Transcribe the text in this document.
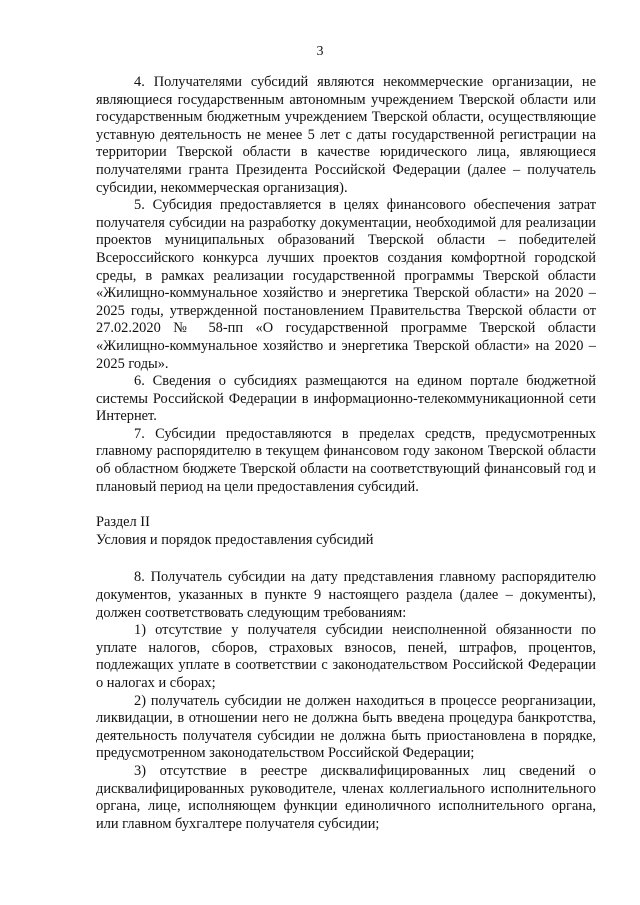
3

4. Получателями субсидий являются некоммерческие организации, не являющиеся государственным автономным учреждением Тверской области или государственным бюджетным учреждением Тверской области, осуществляющие уставную деятельность не менее 5 лет с даты государственной регистрации на территории Тверской области в качестве юридического лица, являющиеся получателями гранта Президента Российской Федерации (далее – получатель субсидии, некоммерческая организация).

5. Субсидия предоставляется в целях финансового обеспечения затрат получателя субсидии на разработку документации, необходимой для реализации проектов муниципальных образований Тверской области – победителей Всероссийского конкурса лучших проектов создания комфортной городской среды, в рамках реализации государственной программы Тверской области «Жилищно-коммунальное хозяйство и энергетика Тверской области» на 2020 – 2025 годы, утвержденной постановлением Правительства Тверской области от 27.02.2020 № 58-пп «О государственной программе Тверской области «Жилищно-коммунальное хозяйство и энергетика Тверской области» на 2020 – 2025 годы».

6. Сведения о субсидиях размещаются на едином портале бюджетной системы Российской Федерации в информационно-телекоммуникационной сети Интернет.

7. Субсидии предоставляются в пределах средств, предусмотренных главному распорядителю в текущем финансовом году законом Тверской области об областном бюджете Тверской области на соответствующий финансовый год и плановый период на цели предоставления субсидий.

Раздел II

Условия и порядок предоставления субсидий

8. Получатель субсидии на дату представления главному распорядителю документов, указанных в пункте 9 настоящего раздела (далее – документы), должен соответствовать следующим требованиям:

1) отсутствие у получателя субсидии неисполненной обязанности по уплате налогов, сборов, страховых взносов, пеней, штрафов, процентов, подлежащих уплате в соответствии с законодательством Российской Федерации о налогах и сборах;

2) получатель субсидии не должен находиться в процессе реорганизации, ликвидации, в отношении него не должна быть введена процедура банкротства, деятельность получателя субсидии не должна быть приостановлена в порядке, предусмотренном законодательством Российской Федерации;

3) отсутствие в реестре дисквалифицированных лиц сведений о дисквалифицированных руководителе, членах коллегиального исполнительного органа, лице, исполняющем функции единоличного исполнительного органа, или главном бухгалтере получателя субсидии;
